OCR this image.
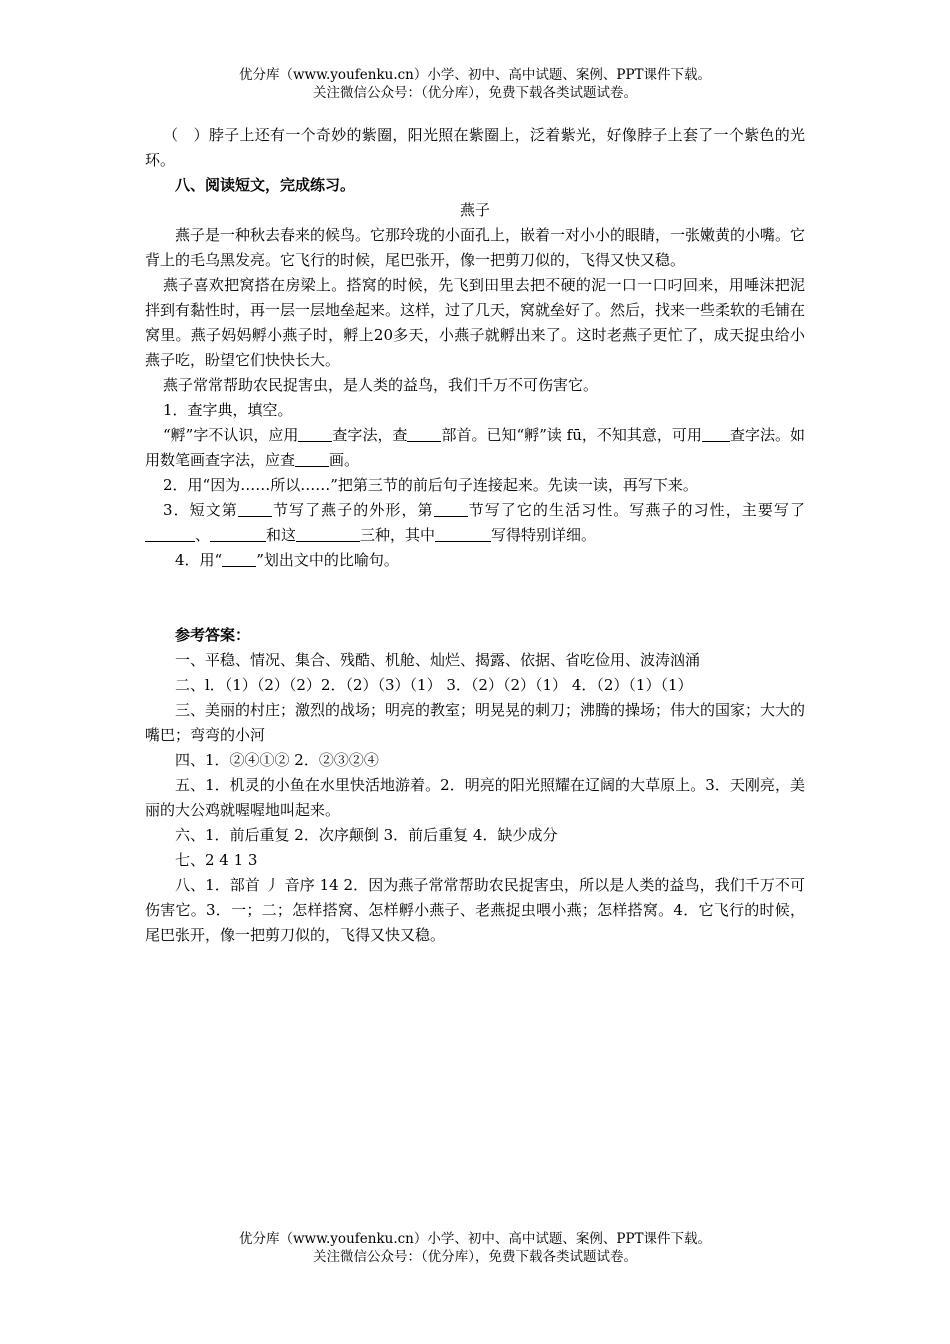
优分库（www.youfenku.cn）小学、初中、高中试题、案例、PPT课件下载。
关注微信公众号：（优分库），免费下载各类试题试卷。

（　）脖子上还有一个奇妙的紫圈，阳光照在紫圈上，泛着紫光，好像脖子上套了一个紫色的光环。

八、阅读短文，完成练习。

燕子

燕子是一种秋去春来的候鸟。它那玲珑的小面孔上，嵌着一对小小的眼睛，一张嫩黄的小嘴。它背上的毛乌黑发亮。它飞行的时候，尾巴张开，像一把剪刀似的，飞得又快又稳。

燕子喜欢把窝搭在房梁上。搭窝的时候，先飞到田里去把不硬的泥一口一口叼回来，用唾沫把泥拌到有黏性时，再一层一层地垒起来。这样，过了几天，窝就垒好了。然后，找来一些柔软的毛铺在窝里。燕子妈妈孵小燕子时，孵上20多天，小燕子就孵出来了。这时老燕子更忙了，成天捉虫给小燕子吃，盼望它们快快长大。

燕子常常帮助农民捉害虫，是人类的益鸟，我们千万不可伤害它。

1．查字典，填空。

“孵”字不认识，应用 查字法，查 部首。已知“孵”读 fū，不知其意，可用 查字法。如用数笔画查字法，应查 画。

2．用“因为……所以……”把第三节的前后句子连接起来。先读一读，再写下来。

3．短文第 节写了燕子的外形，第 节写了它的生活习性。写燕子的习性，主要写了、	和这	三种，其中	写得特别详细。

4．用“ ”划出文中的比喻句。

参考答案：

一、平稳、情况、集合、残酷、机舱、灿烂、揭露、依据、省吃俭用、波涛汹涌

二、l．（1）（2）（2）2．（2）（3）（1） 3．（2）（2）（1） 4．（2）（1）（1）

三、美丽的村庄；激烈的战场；明亮的教室；明晃晃的刺刀；沸腾的操场；伟大的国家；大大的嘴巴；弯弯的小河

四、1．②④①② 2．②③②④

五、1．机灵的小鱼在水里快活地游着。2．明亮的阳光照耀在辽阔的大草原上。3．天刚亮，美丽的大公鸡就喔喔地叫起来。

六、1．前后重复 2．次序颠倒 3．前后重复 4．缺少成分

七、2 4 1 3

八、1．部首 丿 音序 14 2．因为燕子常常帮助农民捉害虫，所以是人类的益鸟，我们千万不可伤害它。3．一；二；怎样搭窝、怎样孵小燕子、老燕捉虫喂小燕；怎样搭窝。4．它飞行的时候，尾巴张开，像一把剪刀似的，飞得又快又稳。

优分库（www.youfenku.cn）小学、初中、高中试题、案例、PPT课件下载。
关注微信公众号：（优分库），免费下载各类试题试卷。
